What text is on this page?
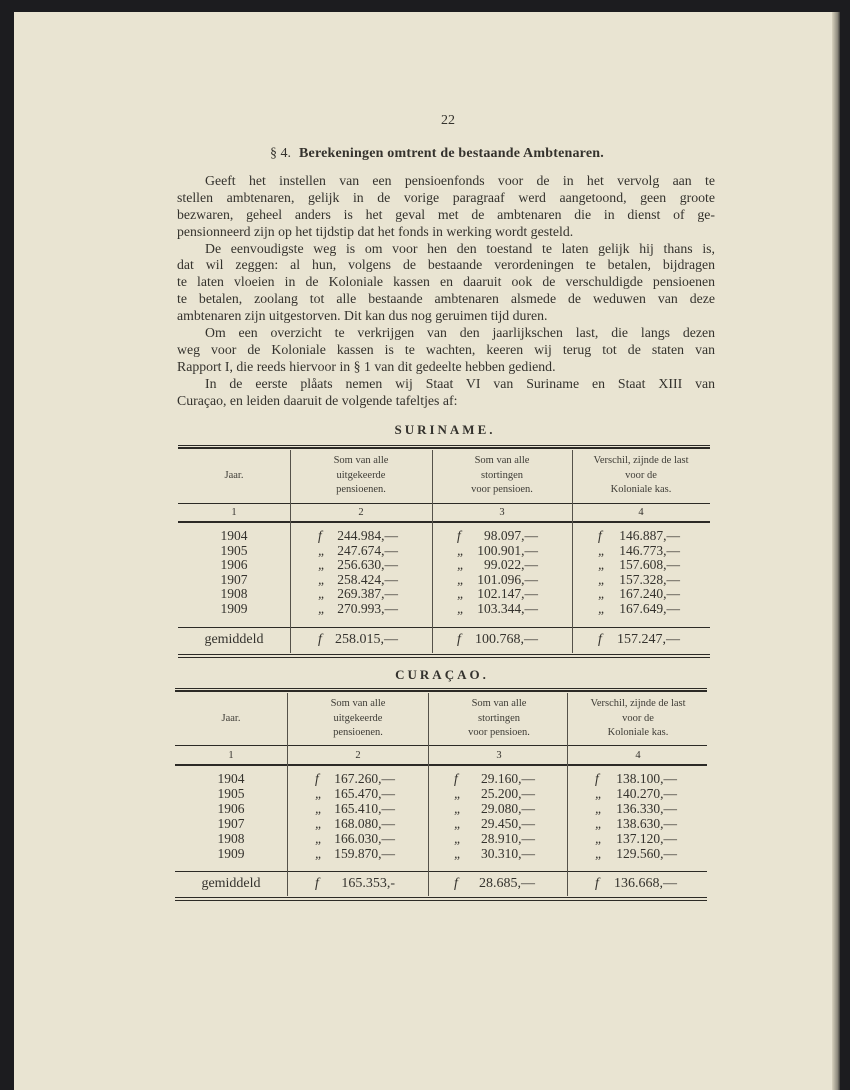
22
§ 4. Berekeningen omtrent de bestaande Ambtenaren.
Geeft het instellen van een pensioenfonds voor de in het vervolg aan te
stellen ambtenaren, gelijk in de vorige paragraaf werd aangetoond, geen groote
bezwaren, geheel anders is het geval met de ambtenaren die in dienst of ge-
pensionneerd zijn op het tijdstip dat het fonds in werking wordt gesteld.
De eenvoudigste weg is om voor hen den toestand te laten gelijk hij thans is,
dat wil zeggen: al hun, volgens de bestaande verordeningen te betalen, bijdragen
te laten vloeien in de Koloniale kassen en daaruit ook de verschuldigde pensioenen
te betalen, zoolang tot alle bestaande ambtenaren alsmede de weduwen van deze
ambtenaren zijn uitgestorven. Dit kan dus nog geruimen tijd duren.
Om een overzicht te verkrijgen van den jaarlijkschen last, die langs dezen
weg voor de Koloniale kassen is te wachten, keeren wij terug tot de staten van
Rapport I, die reeds hiervoor in § 1 van dit gedeelte hebben gediend.
In de eerste plåats nemen wij Staat VI van Suriname en Staat XIII van
Curaçao, en leiden daaruit de volgende tafeltjes af:
SURINAME.
Jaar.
Som van alle
uitgekeerde
pensioenen.
Som van alle
stortingen
voor pensioen.
Verschil, zijnde de last
voor de
Koloniale kas.
1	2	3	4
1904	f	244.984,—	f	98.097,—	f	146.887,—
1905	„ 247.674,—	„ 100.901,—	„	146.773,—
1906	„ 256.630,—	„	99.022,—	„	157.608,—
1907	„ 258.424,—	„ 101.096,—	„	157.328,—
1908	„ 269.387,—	„ 102.147,—	„	167.240,—
1909	„ 270.993,—	„ 103.344,—	„	167.649,—
gemiddeld	f 258.015,—	f	100.768,—	f	157.247,—
CURAÇAO.
Jaar.
Som van alle
uitgekeerde
pensioenen.
Som van alle
stortingen
voor pensioen.
Verschil, zijnde de last
voor de
Koloniale kas.
1	2	3	4
1904	f	167.260,—	f	29.160,—	f	138.100,—
1905	„ 165.470,—	„	25.200,—	„	140.270,—
1906	„ 165.410,—	„	29.080,—	„	136.330,—
1907	„ 168.080,—	„	29.450,—	„	138.630,—
1908	„ 166.030,—	„	28.910,—	„	137.120,—
1909	„ 159.870,—	„	30.310,—	„	129.560,—
gemiddeld	f	165.353,-	f	28.685,—	f	136.668,—
